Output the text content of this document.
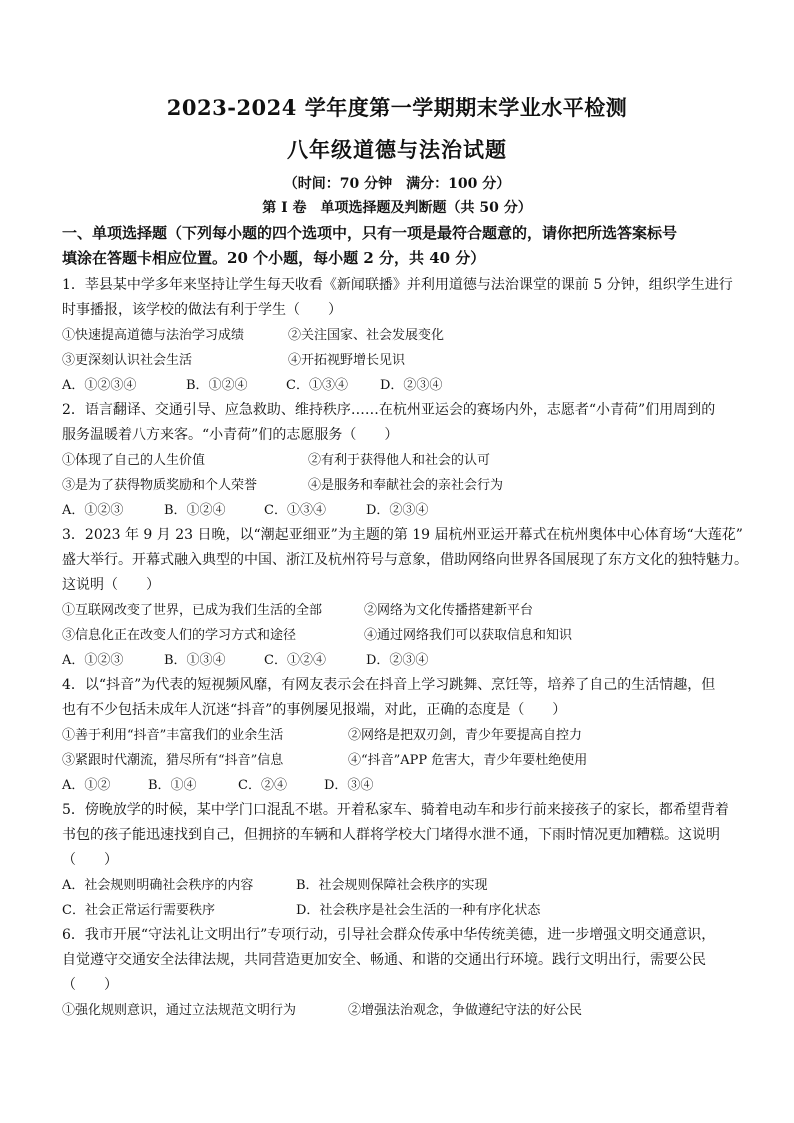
2023-2024 学年度第一学期期末学业水平检测
八年级道德与法治试题
（时间：70 分钟　满分：100 分）
第 I 卷　单项选择题及判断题（共 50 分）
一、单项选择题（下列每小题的四个选项中，只有一项是最符合题意的，请你把所选答案标号
填涂在答题卡相应位置。20 个小题，每小题 2 分，共 40 分）
1．莘县某中学多年来坚持让学生每天收看《新闻联播》并利用道德与法治课堂的课前 5 分钟，组织学生进行
时事播报，该学校的做法有利于学生（　　）
①快速提高道德与法治学习成绩	②关注国家、社会发展变化
③更深刻认识社会生活	④开拓视野增长见识
A．①②③④	B．①②④	C．①③④ D．②③④
2．语言翻译、交通引导、应急救助、维持秩序……在杭州亚运会的赛场内外，志愿者“小青荷”们用周到的
服务温暖着八方来客。“小青荷”们的志愿服务（　　）
①体现了自己的人生价值	②有利于获得他人和社会的认可
③是为了获得物质奖励和个人荣誉	④是服务和奉献社会的亲社会行为
A．①②③	B．①②④	C．①③④	D．②③④
3．2023 年 9 月 23 日晚，以“潮起亚细亚”为主题的第 19 届杭州亚运开幕式在杭州奥体中心体育场“大莲花”
盛大举行。开幕式融入典型的中国、浙江及杭州符号与意象，借助网络向世界各国展现了东方文化的独特魅力。
这说明（　　）
①互联网改变了世界，已成为我们生活的全部	②网络为文化传播搭建新平台
③信息化正在改变人们的学习方式和途径	④通过网络我们可以获取信息和知识
A．①②③	B．①③④	C．①②④	D．②③④
4．以“抖音”为代表的短视频风靡，有网友表示会在抖音上学习跳舞、烹饪等，培养了自己的生活情趣，但
也有不少包括未成年人沉迷“抖音”的事例屡见报端，对此，正确的态度是（　　）
①善于利用“抖音”丰富我们的业余生活	②网络是把双刃剑，青少年要提高自控力
③紧跟时代潮流，猎尽所有“抖音”信息	④“抖音”APP 危害大，青少年要杜绝使用
A．①②	B．①④	C．②④	D．③④
5．傍晚放学的时候，某中学门口混乱不堪。开着私家车、骑着电动车和步行前来接孩子的家长，都希望背着
书包的孩子能迅速找到自己，但拥挤的车辆和人群将学校大门堵得水泄不通，下雨时情况更加糟糕。这说明
（　　）
A．社会规则明确社会秩序的内容	B．社会规则保障社会秩序的实现
C．社会正常运行需要秩序	D．社会秩序是社会生活的一种有序化状态
6．我市开展“守法礼让文明出行”专项行动，引导社会群众传承中华传统美德，进一步增强文明交通意识，
自觉遵守交通安全法律法规，共同营造更加安全、畅通、和谐的交通出行环境。践行文明出行，需要公民
（　　）
①强化规则意识，通过立法规范文明行为	②增强法治观念，争做遵纪守法的好公民
